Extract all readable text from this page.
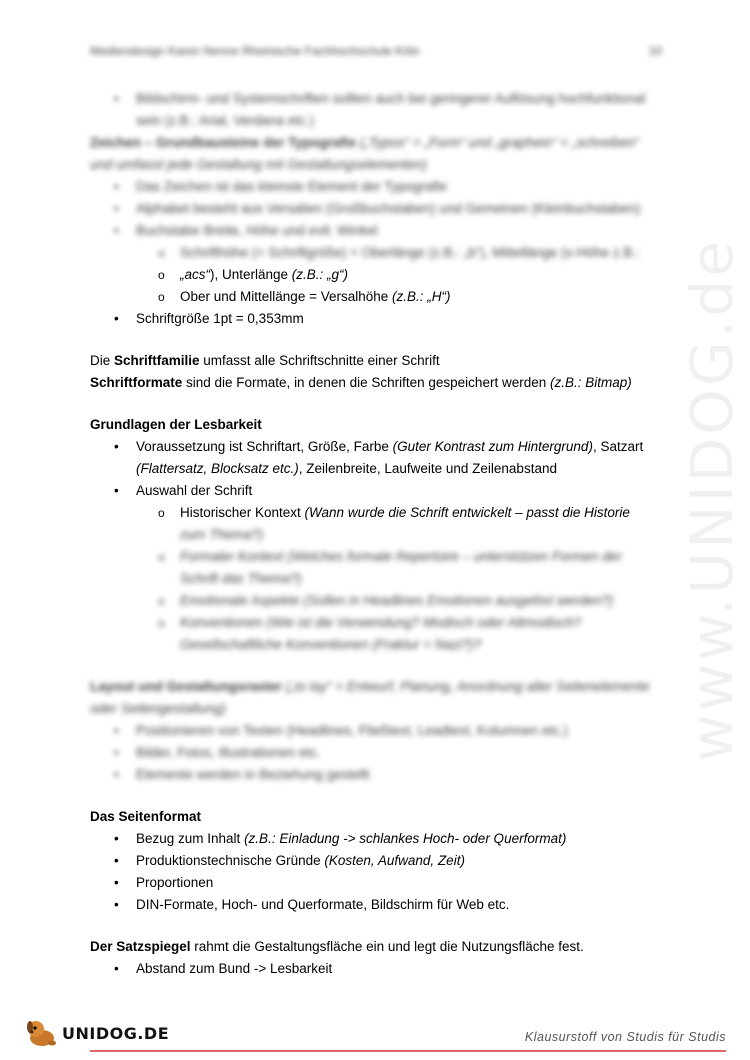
www.UNIDOG.de
Mediendesign Karen Nenne Rheinische Fachhochschule Köln	10
• Bildschirm- und Systemschriften sollten auch bei geringerer Auflösung hochfunktional sein (z.B.: Arial, Verdana etc.)

Zeichen – Grundbausteine der Typografie („Typos“ = „Form“ und „graphein“ = „schreiben“ und umfasst jede Gestaltung mit Gestaltungselementen)

• Das Zeichen ist das kleinste Element der Typografie
• Alphabet besteht aus Versalien (Großbuchstaben) und Gemeinen (Kleinbuchstaben)
• Buchstabe Breite, Höhe und evtl. Winkel
o Schrifthöhe (= Schriftgröße) = Oberlänge (z.B.: „b“), Mittellänge (x-Höhe z.B.:
o „acs“), Unterlänge (z.B.: „g“)
o Ober und Mittellänge = Versalhöhe (z.B.: „H“)
• Schriftgröße 1pt = 0,353mm

Die Schriftfamilie umfasst alle Schriftschnitte einer Schrift

Schriftformate sind die Formate, in denen die Schriften gespeichert werden (z.B.: Bitmap)

Grundlagen der Lesbarkeit

• Voraussetzung ist Schriftart, Größe, Farbe (Guter Kontrast zum Hintergrund), Satzart (Flattersatz, Blocksatz etc.), Zeilenbreite, Laufweite und Zeilenabstand
• Auswahl der Schrift
o Historischer Kontext (Wann wurde die Schrift entwickelt – passt die Historie
zum Thema?)
o Formaler Kontext (Welches formale Repertoire – unterstützen Formen der Schrift das Thema?)
o Emotionale Aspekte (Sollen in Headlines Emotionen ausgelöst werden?)
o Konventionen (Wie ist die Verwendung? Modisch oder Altmodisch? Gesellschaftliche Konventionen (Fraktur = Nazi?)?

Layout und Gestaltungsraster („to lay“ = Entwurf, Planung, Anordnung aller Seitenelemente oder Seitengestaltung)

• Positionieren von Texten (Headlines, Fließtext, Leadtext, Kolumnen etc.)
• Bilder, Fotos, Illustrationen etc.
• Elemente werden in Beziehung gestellt

Das Seitenformat

• Bezug zum Inhalt (z.B.: Einladung -> schlankes Hoch- oder Querformat)
• Produktionstechnische Gründe (Kosten, Aufwand, Zeit)
• Proportionen
• DIN-Formate, Hoch- und Querformate, Bildschirm für Web etc.

Der Satzspiegel rahmt die Gestaltungsfläche ein und legt die Nutzungsfläche fest.

• Abstand zum Bund -> Lesbarkeit
UNIDOG.DE	Klausurstoff von Studis für Studis
